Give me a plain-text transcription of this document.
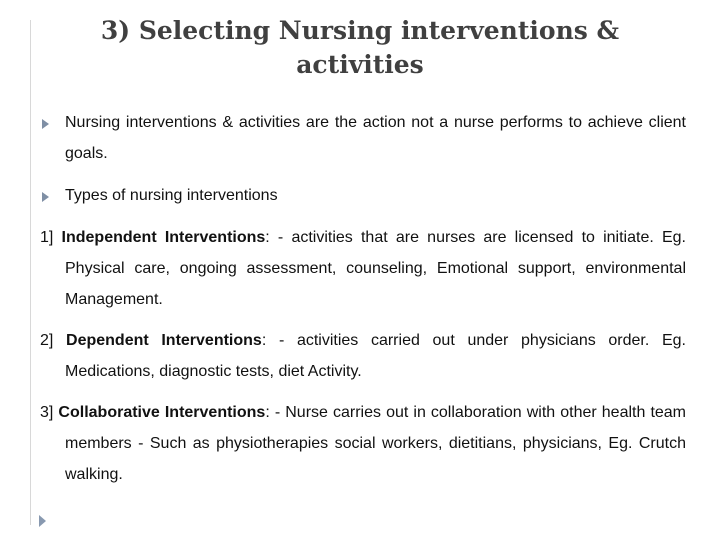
3) Selecting Nursing interventions &
activities
Nursing interventions & activities are the action not a nurse performs to achieve client goals.
Types of nursing interventions
1] Independent Interventions: - activities that are nurses are licensed to initiate. Eg. Physical care, ongoing assessment, counseling, Emotional support, environmental Management.
2] Dependent Interventions: - activities carried out under physicians order. Eg. Medications, diagnostic tests, diet Activity.
3] Collaborative Interventions: - Nurse carries out in collaboration with other health team members - Such as physiotherapies social workers, dietitians, physicians, Eg. Crutch walking.
